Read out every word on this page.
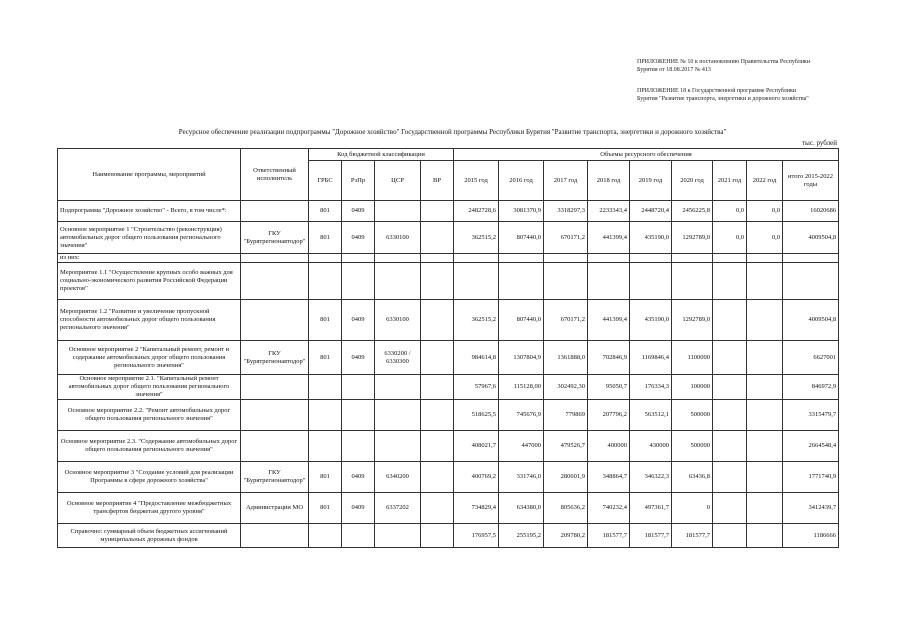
ПРИЛОЖЕНИЕ № 10 к постановлению Правительства Республики
Бурятия от 18.08.2017 № 413
ПРИЛОЖЕНИЕ 18 к Государственной программе Республики
Бурятия "Развитие транспорта, энергетики и дорожного хозяйства"
Ресурсное обеспечение реализации подпрограммы "Дорожное хозяйство" Государственной программы Республики Бурятия "Развитие транспорта, энергетики и дорожного хозяйства"
тыс. рублей
Наименование программы, мероприятий	Ответственный исполнитель	Код бюджетной классификации				Объемы ресурсного обеспечения								
		ГРБС	РзПр	ЦСР	ВР	2015 год	2016 год	2017 год	2018 год	2019 год	2020 год	2021 год	2022 год	итого 2015-2022 годы
Подпрограмма "Дорожное хозяйство" - Всего, в том числе*:		801	0409			2482728,6	3081370,9	3318297,3	2233343,4	2448720,4	2456225,8	0,0	0,0	16020686
Основное мероприятие 1 "Строительство (реконструкция) автомобильных дорог общего пользования регионального значения"	ГКУ "Бурятрегионавтодор"	801	0409	6330100		362515,2	807440,0	670171,2	441399,4	435190,0	1292789,0	0,0	0,0	4009504,8
из них:														
Мероприятие 1.1 "Осуществление крупных особо важных для социально-экономического развития Российской Федерации проектов"														
Мероприятие 1.2 "Развитие и увеличение пропускной способности автомобильных дорог общего пользования регионального значения"		801	0409	6330100		362515,2	807440,0	670171,2	441399,4	435190,0	1292789,0			4009504,8
Основное мероприятие 2 "Капитальный ремонт, ремонт и содержание автомобильных дорог общего пользования регионального значения"	ГКУ "Бурятрегионавтодор"	801	0409	6330200 / 6330300		984614,8	1307804,9	1361888,0	702846,9	1169846,4	1100000			6627001
Основное мероприятие 2.1. "Капитальный ремонт автомобильных дорог общего пользования регионального значения"						57967,6	115128,00	302492,30	95050,7	176334,3	100000			846972,9
Основное мероприятие 2.2. "Ремонт автомобильных дорог общего пользования регионального значения"						518625,5	745676,9	779869	207796,2	563512,1	500000			3315479,7
Основное мероприятие 2.3. "Содержание автомобильных дорог общего пользования регионального значения"						408021,7	447000	479526,7	400000	430000	500000			2664548,4
Основное мероприятие 3 "Создание условий для реализации Программы в сфере дорожного хозяйства"	ГКУ "Бурятрегионавтодор"	801	0409	6340200		400769,2	331746,0	280601,9	348864,7	346322,3	63436,8			1771740,9
Основное мероприятие 4 "Предоставление межбюджетных трансфертов бюджетам другого уровня"	Администрации МО	801	0409	6337202		734829,4	634380,0	805636,2	740232,4	497361,7	0			3412439,7
Справочно: суммарный объем бюджетных ассигнований муниципальных дорожных фондов						176957,5	255195,2	209780,2	181577,7	181577,7	181577,7			1186666
